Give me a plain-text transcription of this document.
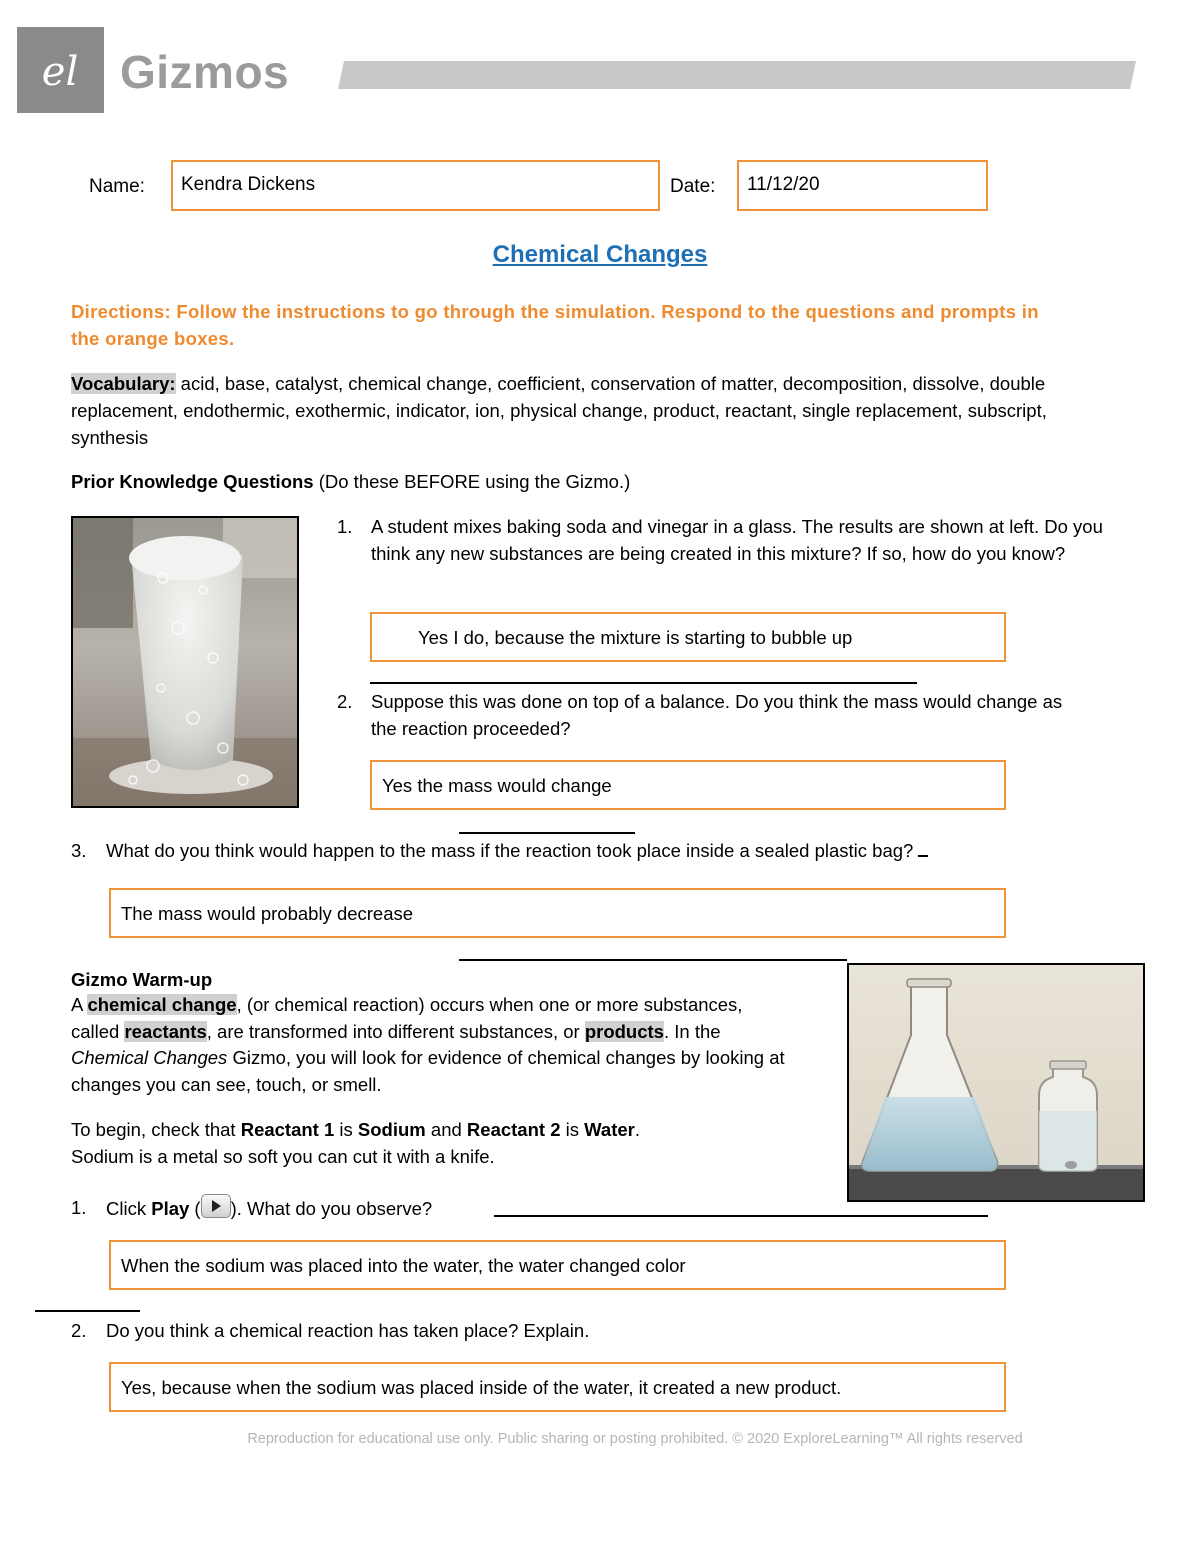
el Gizmos
Name:	Kendra Dickens	Date:	11/12/20
Chemical Changes
Directions: Follow the instructions to go through the simulation. Respond to the questions and prompts in the orange boxes.
Vocabulary: acid, base, catalyst, chemical change, coefficient, conservation of matter, decomposition, dissolve, double replacement, endothermic, exothermic, indicator, ion, physical change, product, reactant, single replacement, subscript, synthesis
Prior Knowledge Questions (Do these BEFORE using the Gizmo.)
1. A student mixes baking soda and vinegar in a glass. The results are shown at left. Do you think any new substances are being created in this mixture? If so, how do you know?
Yes I do, because the mixture is starting to bubble up
2. Suppose this was done on top of a balance. Do you think the mass would change as the reaction proceeded?
Yes the mass would change
3. What do you think would happen to the mass if the reaction took place inside a sealed plastic bag?
The mass would probably decrease
Gizmo Warm-up
A chemical change, (or chemical reaction) occurs when one or more substances, called reactants, are transformed into different substances, or products. In the Chemical Changes Gizmo, you will look for evidence of chemical changes by looking at changes you can see, touch, or smell.
To begin, check that Reactant 1 is Sodium and Reactant 2 is Water.
Sodium is a metal so soft you can cut it with a knife.
1. Click Play ( ). What do you observe?
When the sodium was placed into the water, the water changed color
2. Do you think a chemical reaction has taken place? Explain.
Yes, because when the sodium was placed inside of the water, it created a new product.
Reproduction for educational use only. Public sharing or posting prohibited. © 2020 ExploreLearning™ All rights reserved
